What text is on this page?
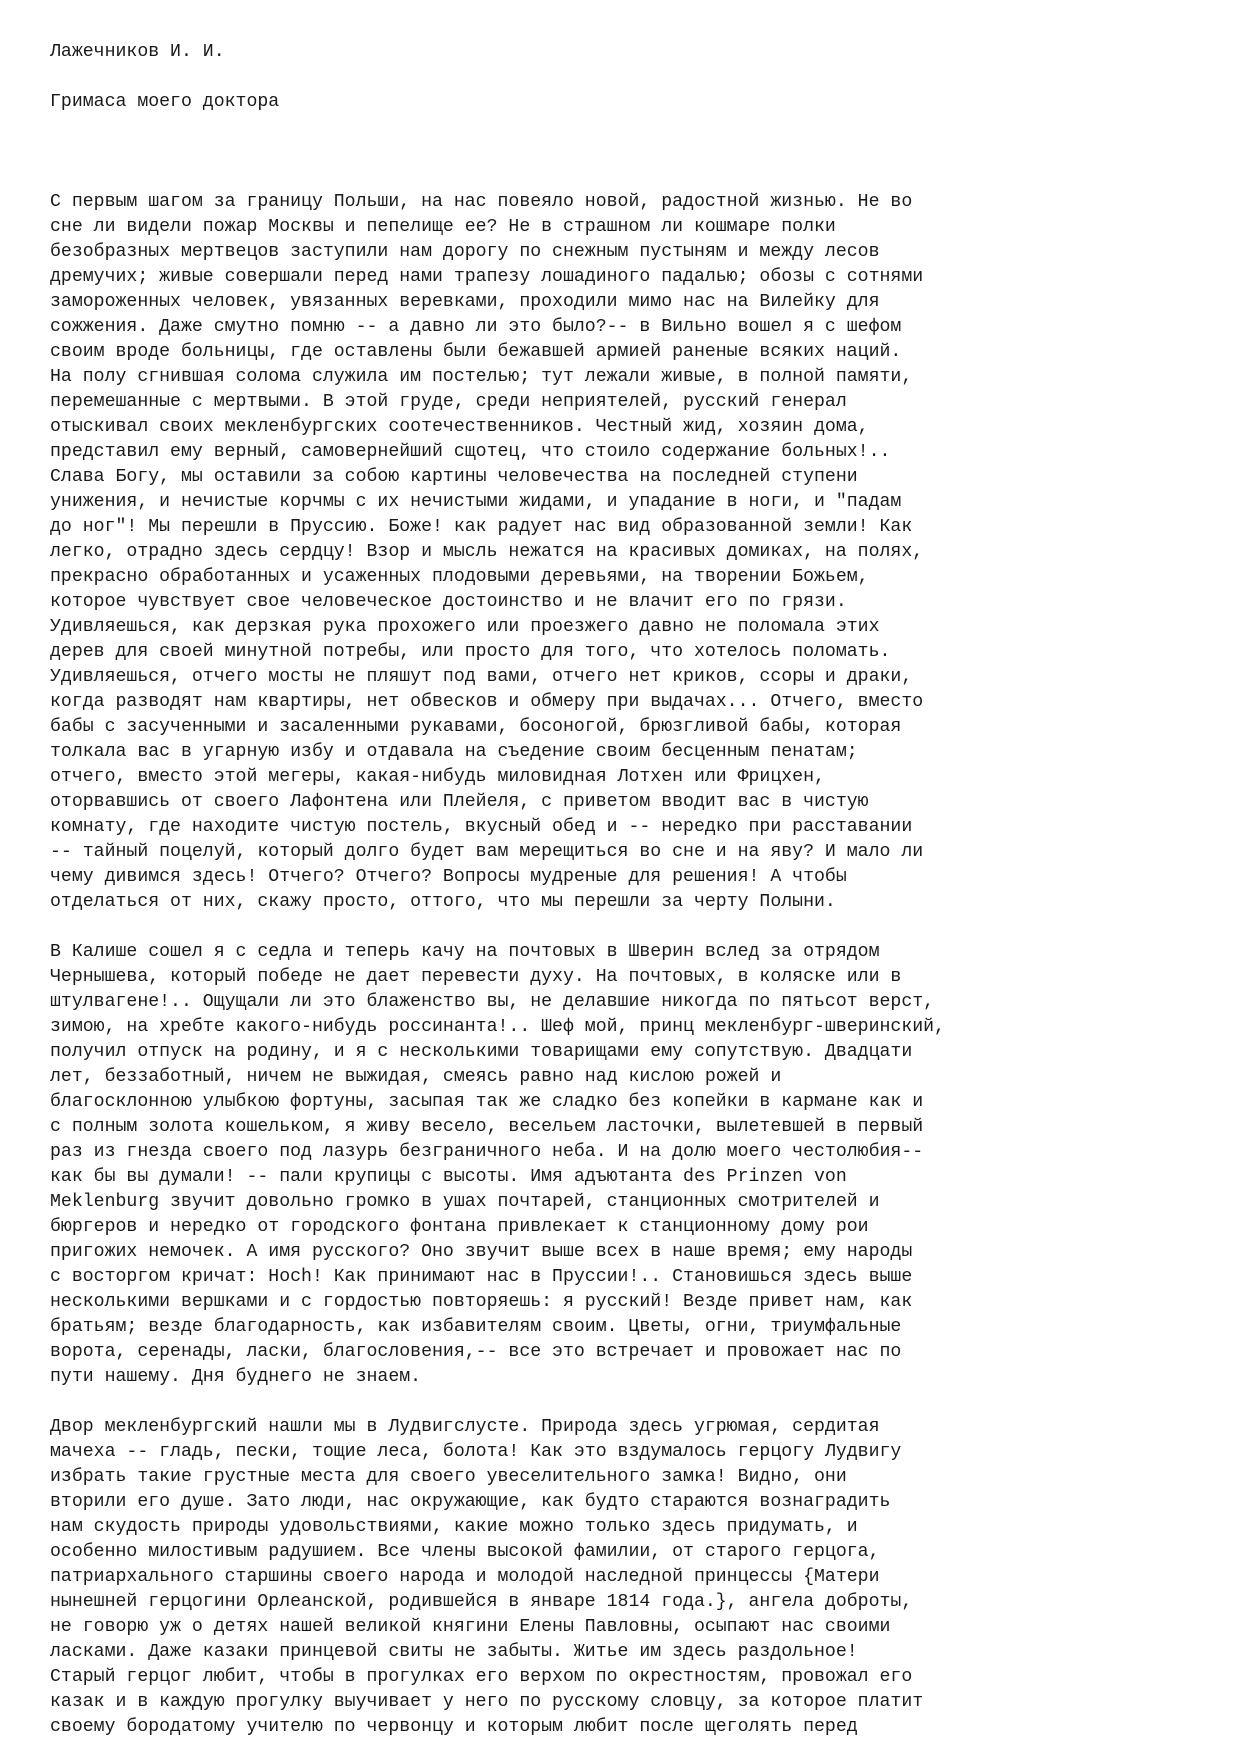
Лажечников И. И.
Гримаса моего доктора
С первым шагом за границу Польши, на нас повеяло новой, радостной жизнью. Не во
сне ли видели пожар Москвы и пепелище ее? Не в страшном ли кошмаре полки
безобразных мертвецов заступили нам дорогу по снежным пустыням и между лесов
дремучих; живые совершали перед нами трапезу лошадиного падалью; обозы с сотнями
замороженных человек, увязанных веревками, проходили мимо нас на Вилейку для
сожжения. Даже смутно помню -- а давно ли это было?-- в Вильно вошел я с шефом
своим вроде больницы, где оставлены были бежавшей армией раненые всяких наций.
На полу сгнившая солома служила им постелью; тут лежали живые, в полной памяти,
перемешанные с мертвыми. В этой груде, среди неприятелей, русский генерал
отыскивал своих мекленбургских соотечественников. Честный жид, хозяин дома,
представил ему верный, самовернейший сщотец, что стоило содержание больных!..
Слава Богу, мы оставили за собою картины человечества на последней ступени
унижения, и нечистые корчмы с их нечистыми жидами, и упадание в ноги, и "падам
до ног"! Мы перешли в Пруссию. Боже! как радует нас вид образованной земли! Как
легко, отрадно здесь сердцу! Взор и мысль нежатся на красивых домиках, на полях,
прекрасно обработанных и усаженных плодовыми деревьями, на творении Божьем,
которое чувствует свое человеческое достоинство и не влачит его по грязи.
Удивляешься, как дерзкая рука прохожего или проезжего давно не поломала этих
дерев для своей минутной потребы, или просто для того, что хотелось поломать.
Удивляешься, отчего мосты не пляшут под вами, отчего нет криков, ссоры и драки,
когда разводят нам квартиры, нет обвесков и обмеру при выдачах... Отчего, вместо
бабы с засученными и засаленными рукавами, босоногой, брюзгливой бабы, которая
толкала вас в угарную избу и отдавала на съедение своим бесценным пенатам;
отчего, вместо этой мегеры, какая-нибудь миловидная Лотхен или Фрицхен,
оторвавшись от своего Лафонтена или Плейеля, с приветом вводит вас в чистую
комнату, где находите чистую постель, вкусный обед и -- нередко при расставании
-- тайный поцелуй, который долго будет вам мерещиться во сне и на яву? И мало ли
чему дивимся здесь! Отчего? Отчего? Вопросы мудреные для решения! А чтобы
отделаться от них, скажу просто, оттого, что мы перешли за черту Полыни.
В Калише сошел я с седла и теперь качу на почтовых в Шверин вслед за отрядом
Чернышева, который победе не дает перевести духу. На почтовых, в коляске или в
штулвагене!.. Ощущали ли это блаженство вы, не делавшие никогда по пятьсот верст,
зимою, на хребте какого-нибудь россинанта!.. Шеф мой, принц мекленбург-шверинский,
получил отпуск на родину, и я с несколькими товарищами ему сопутствую. Двадцати
лет, беззаботный, ничем не выжидая, смеясь равно над кислою рожей и
благосклонною улыбкою фортуны, засыпая так же сладко без копейки в кармане как и
с полным золота кошельком, я живу весело, весельем ласточки, вылетевшей в первый
раз из гнезда своего под лазурь безграничного неба. И на долю моего честолюбия--
как бы вы думали! -- пали крупицы с высоты. Имя адъютанта des Prinzen von
Meklenburg звучит довольно громко в ушах почтарей, станционных смотрителей и
бюргеров и нередко от городского фонтана привлекает к станционному дому рои
пригожих немочек. А имя русского? Оно звучит выше всех в наше время; ему народы
с восторгом кричат: Hoch! Как принимают нас в Пруссии!.. Становишься здесь выше
несколькими вершками и с гордостью повторяешь: я русский! Везде привет нам, как
братьям; везде благодарность, как избавителям своим. Цветы, огни, триумфальные
ворота, серенады, ласки, благословения,-- все это встречает и провожает нас по
пути нашему. Дня буднего не знаем.
Двор мекленбургский нашли мы в Лудвигслусте. Природа здесь угрюмая, сердитая
мачеха -- гладь, пески, тощие леса, болота! Как это вздумалось герцогу Лудвигу
избрать такие грустные места для своего увеселительного замка! Видно, они
вторили его душе. Зато люди, нас окружающие, как будто стараются вознаградить
нам скудость природы удовольствиями, какие можно только здесь придумать, и
особенно милостивым радушием. Все члены высокой фамилии, от старого герцога,
патриархального старшины своего народа и молодой наследной принцессы {Матери
нынешней герцогини Орлеанской, родившейся в январе 1814 года.}, ангела доброты,
не говорю уж о детях нашей великой княгини Елены Павловны, осыпают нас своими
ласками. Даже казаки принцевой свиты не забыты. Житье им здесь раздольное!
Старый герцог любит, чтобы в прогулках его верхом по окрестностям, провожал его
казак и в каждую прогулку выучивает у него по русскому словцу, за которое платит
своему бородатому учителю по червонцу и которым любит после щеголять перед
